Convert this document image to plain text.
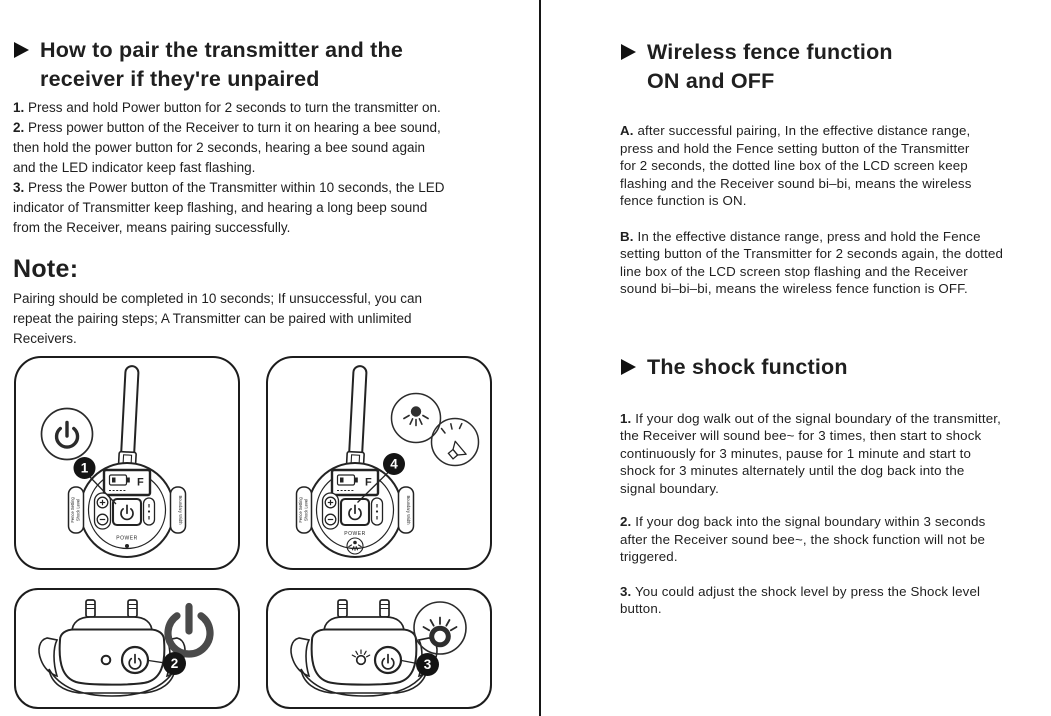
How to pair the transmitter and the
receiver if they're unpaired
1. Press and hold Power button for 2 seconds to turn the transmitter on.
2. Press power button of the Receiver to turn it on hearing a bee sound,
then hold the power button for 2 seconds, hearing a bee sound again
and the LED indicator keep fast flashing.
3. Press the Power button of the Transmitter within 10 seconds, the LED
indicator of Transmitter keep flashing, and hearing a long beep sound
from the Receiver, means pairing successfully.
Note:
Pairing should be completed in 10 seconds; If unsuccessful, you can
repeat the pairing steps; A Transmitter can be paired with unlimited
Receivers.
F
Fence Setting Shock Level	Boundary Width
POWER
1
F
Fence Setting Shock Level	Boundary Width
POWER
4
2	3
Wireless fence function
ON and OFF
A. after successful pairing, In the effective distance range,
press and hold the Fence setting button of the Transmitter
for 2 seconds, the dotted line box of the LCD screen keep
flashing and the Receiver sound bi–bi, means the wireless
fence function is ON.
B. In the effective distance range, press and hold the Fence
setting button of the Transmitter for 2 seconds again, the dotted
line box of the LCD screen stop flashing and the Receiver
sound bi–bi–bi, means the wireless fence function is OFF.
The shock function
1. If your dog walk out of the signal boundary of the transmitter,
the Receiver will sound bee~ for 3 times, then start to shock
continuously for 3 minutes, pause for 1 minute and start to
shock for 3 minutes alternately until the dog back into the
signal boundary.
2. If your dog back into the signal boundary within 3 seconds
after the Receiver sound bee~, the shock function will not be
triggered.
3. You could adjust the shock level by press the Shock level
button.
